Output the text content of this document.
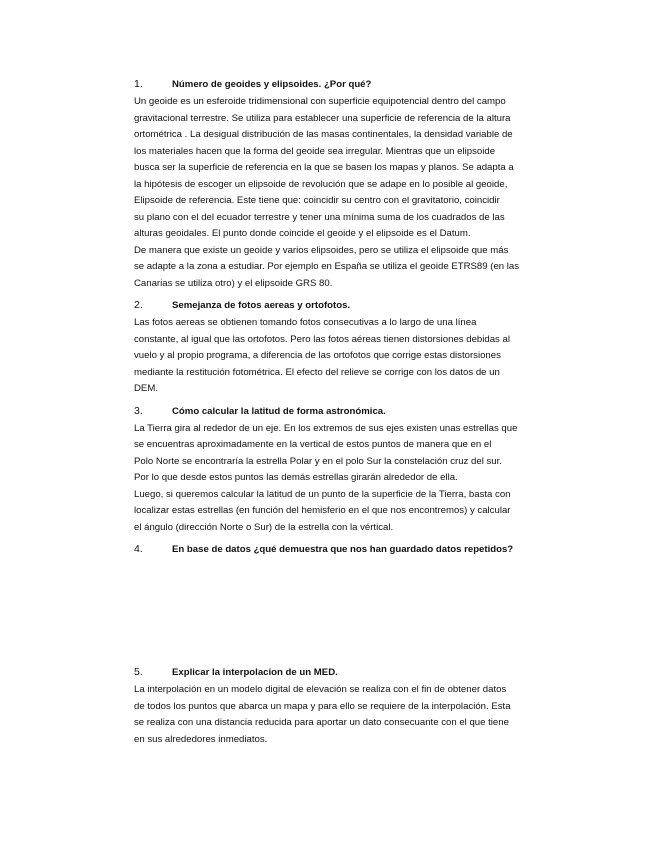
1.	Número de geoides y elipsoides. ¿Por qué?
Un geoide es un esferoide tridimensional con superficie equipotencial dentro del campo
gravitacional terrestre. Se utiliza para establecer una superficie de referencia de la altura
ortométrica . La desigual distribución de las masas continentales, la densidad variable de
los materiales hacen que la forma del geoide sea irregular. Mientras que un elipsoide
busca ser la superficie de referencia en la que se basen los mapas y planos. Se adapta a
la hipótesis de escoger un elipsoide de revolución que se adape en lo posible al geoide,
Elipsoide de referencia. Este tiene que: coincidir su centro con el gravitatorio, coincidir
su plano con el del ecuador terrestre y tener una mínima suma de los cuadrados de las
alturas geoidales. El punto donde coincide el geoide y el elipsoide es el Datum.
De manera que existe un geoide y varios elipsoides, pero se utiliza el elipsoide que más
se adapte a la zona a estudiar. Por ejemplo en España se utiliza el geoide ETRS89 (en las
Canarias se utiliza otro) y el elipsoide GRS 80.
2.	Semejanza de fotos aereas y ortofotos.
Las fotos aereas se obtienen tomando fotos consecutivas a lo largo de una línea
constante, al igual que las ortofotos. Pero las fotos aéreas tienen distorsiones debidas al
vuelo y al propio programa, a diferencia de las ortofotos que corrige estas distorsiones
mediante la restitución fotométrica. El efecto del relieve se corrige con los datos de un
DEM.
3.	Cómo calcular la latitud de forma astronómica.
La Tierra gira al rededor de un eje. En los extremos de sus ejes existen unas estrellas que
se encuentras aproximadamente en la vertical de estos puntos de manera que en el
Polo Norte se encontraría la estrella Polar y en el polo Sur la constelación cruz del sur.
Por lo que desde estos puntos las demás estrellas girarán alrededor de ella.
Luego, si queremos calcular la latitud de un punto de la superficie de la Tierra, basta con
localizar estas estrellas (en función del hemisferio en el que nos encontremos) y calcular
el ángulo (dirección Norte o Sur) de la estrella con la vértical.
4.	En base de datos ¿qué demuestra que nos han guardado datos repetidos?
5.	Explicar la interpolacion de un MED.
La interpolación en un modelo digital de elevación se realiza con el fin de obtener datos
de todos los puntos que abarca un mapa y para ello se requiere de la interpolación. Esta
se realiza con una distancia reducida para aportar un dato consecuante con el que tiene
en sus alrededores inmediatos.
